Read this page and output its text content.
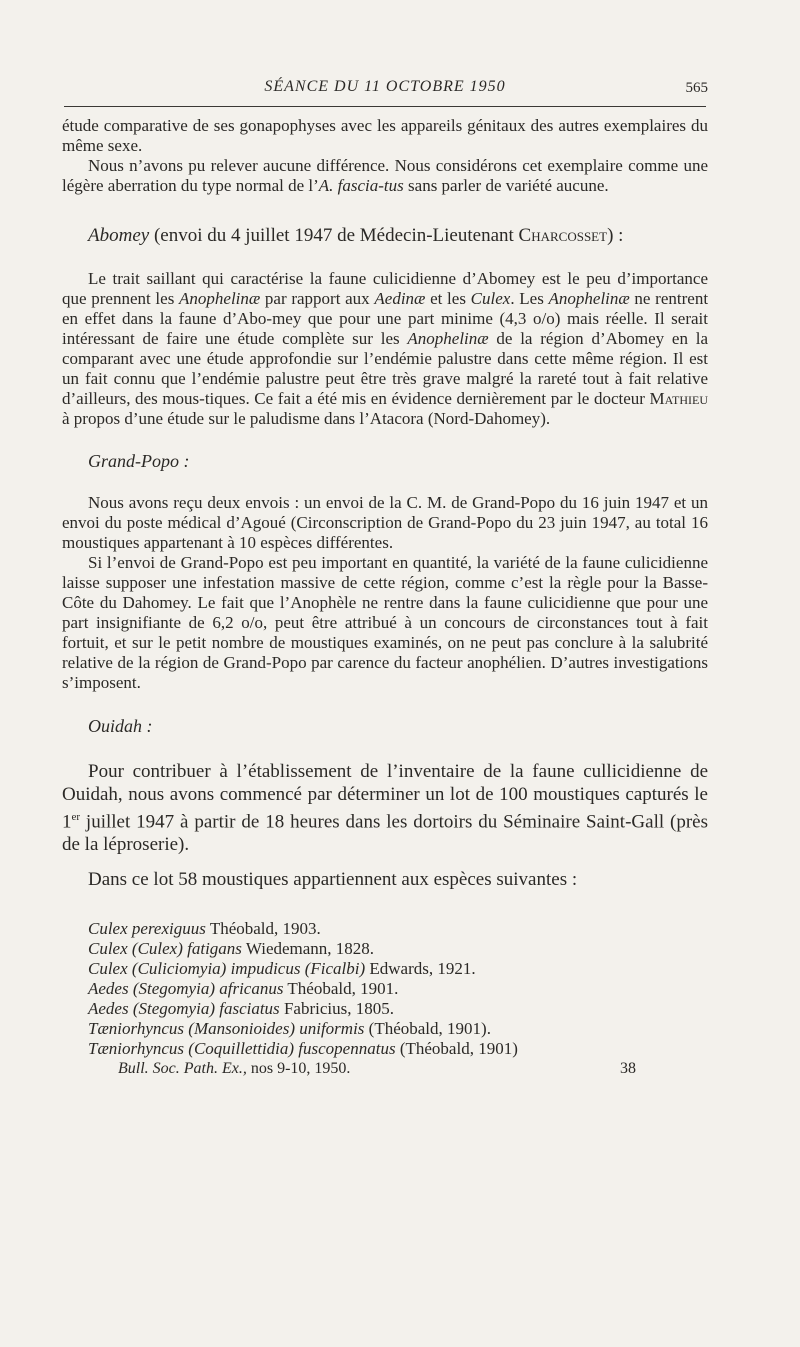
SÉANCE DU 11 OCTOBRE 1950	565

étude comparative de ses gonapophyses avec les appareils génitaux des autres exemplaires du même sexe.

Nous n’avons pu relever aucune différence. Nous considérons cet exemplaire comme une légère aberration du type normal de l’A. fascia-tus sans parler de variété aucune.

Abomey (envoi du 4 juillet 1947 de Médecin-Lieutenant Charcosset) :

Le trait saillant qui caractérise la faune culicidienne d’Abomey est le peu d’importance que prennent les Anophelinæ par rapport aux Aedinæ et les Culex. Les Anophelinæ ne rentrent en effet dans la faune d’Abo-mey que pour une part minime (4,3 o/o) mais réelle. Il serait intéressant de faire une étude complète sur les Anophelinæ de la région d’Abomey en la comparant avec une étude approfondie sur l’endémie palustre dans cette même région. Il est un fait connu que l’endémie palustre peut être très grave malgré la rareté tout à fait relative d’ailleurs, des mous-tiques. Ce fait a été mis en évidence dernièrement par le docteur Mathieu à propos d’une étude sur le paludisme dans l’Atacora (Nord-Dahomey).

Grand-Popo :

Nous avons reçu deux envois : un envoi de la C. M. de Grand-Popo du 16 juin 1947 et un envoi du poste médical d’Agoué (Circonscription de Grand-Popo du 23 juin 1947, au total 16 moustiques appartenant à 10 espèces différentes.

Si l’envoi de Grand-Popo est peu important en quantité, la variété de la faune culicidienne laisse supposer une infestation massive de cette région, comme c’est la règle pour la Basse-Côte du Dahomey. Le fait que l’Anophèle ne rentre dans la faune culicidienne que pour une part insignifiante de 6,2 o/o, peut être attribué à un concours de circonstances tout à fait fortuit, et sur le petit nombre de moustiques examinés, on ne peut pas conclure à la salubrité relative de la région de Grand-Popo par carence du facteur anophélien. D’autres investigations s’imposent.

Ouidah :

Pour contribuer à l’établissement de l’inventaire de la faune cullicidienne de Ouidah, nous avons commencé par déterminer un lot de 100 moustiques capturés le 1er juillet 1947 à partir de 18 heures dans les dortoirs du Séminaire Saint-Gall (près de la léproserie).

Dans ce lot 58 moustiques appartiennent aux espèces suivantes :

Culex perexiguus Théobald, 1903.

Culex (Culex) fatigans Wiedemann, 1828.

Culex (Culiciomyia) impudicus (Ficalbi) Edwards, 1921.

Aedes (Stegomyia) africanus Théobald, 1901.

Aedes (Stegomyia) fasciatus Fabricius, 1805.

Tæniorhyncus (Mansonioides) uniformis (Théobald, 1901).

Tæniorhyncus (Coquillettidia) fuscopennatus (Théobald, 1901)

Bull. Soc. Path. Ex., nos 9-10, 1950.	38
